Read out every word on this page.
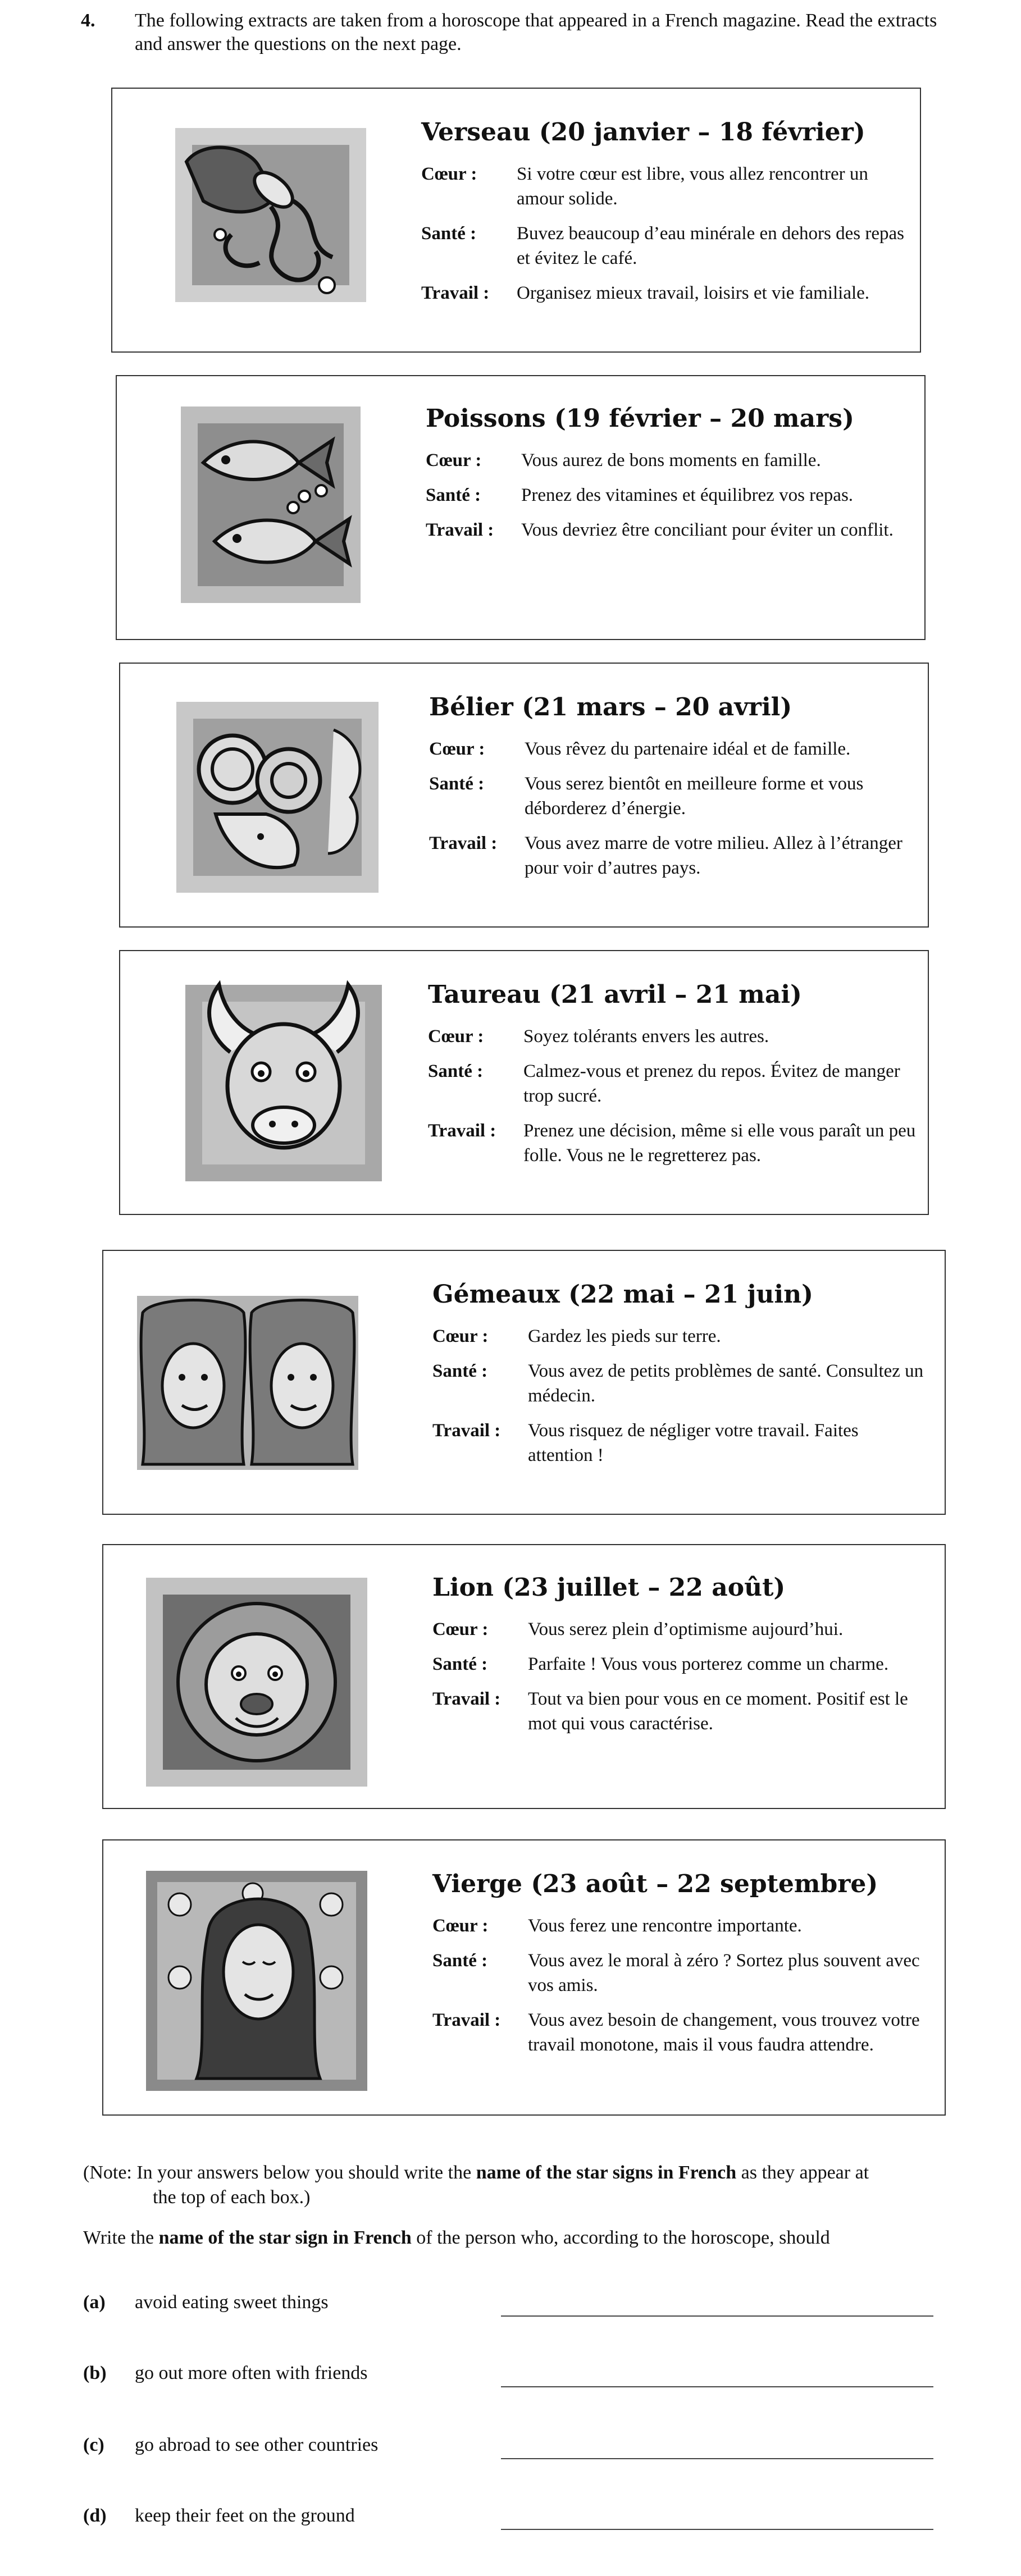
4. The following extracts are taken from a horoscope that appeared in a French magazine. Read the extracts and answer the questions on the next page.
Verseau (20 janvier – 18 février)
Cœur :	Si votre cœur est libre, vous allez rencontrer un amour solide.
Santé :	Buvez beaucoup d’eau minérale en dehors des repas et évitez le café.
Travail :	Organisez mieux travail, loisirs et vie familiale.
Poissons (19 février – 20 mars)
Cœur :	Vous aurez de bons moments en famille.
Santé :	Prenez des vitamines et équilibrez vos repas.
Travail :	Vous devriez être conciliant pour éviter un conflit.
Bélier (21 mars – 20 avril)
Cœur :	Vous rêvez du partenaire idéal et de famille.
Santé :	Vous serez bientôt en meilleure forme et vous déborderez d’énergie.
Travail :	Vous avez marre de votre milieu. Allez à l’étranger pour voir d’autres pays.
Taureau (21 avril – 21 mai)
Cœur :	Soyez tolérants envers les autres.
Santé :	Calmez-vous et prenez du repos. Évitez de manger trop sucré.
Travail :	Prenez une décision, même si elle vous paraît un peu folle. Vous ne le regretterez pas.
Gémeaux (22 mai – 21 juin)
Cœur :	Gardez les pieds sur terre.
Santé :	Vous avez de petits problèmes de santé. Consultez un médecin.
Travail :	Vous risquez de négliger votre travail. Faites attention !
Lion (23 juillet – 22 août)
Cœur :	Vous serez plein d’optimisme aujourd’hui.
Santé :	Parfaite ! Vous vous porterez comme un charme.
Travail :	Tout va bien pour vous en ce moment. Positif est le mot qui vous caractérise.
Vierge (23 août – 22 septembre)
Cœur :	Vous ferez une rencontre importante.
Santé :	Vous avez le moral à zéro ? Sortez plus souvent avec vos amis.
Travail :	Vous avez besoin de changement, vous trouvez votre travail monotone, mais il vous faudra attendre.
(Note: In your answers below you should write the name of the star signs in French as they appear at
the top of each box.)
Write the name of the star sign in French of the person who, according to the horoscope, should
(a) avoid eating sweet things
(b) go out more often with friends
(c) go abroad to see other countries
(d) keep their feet on the ground
